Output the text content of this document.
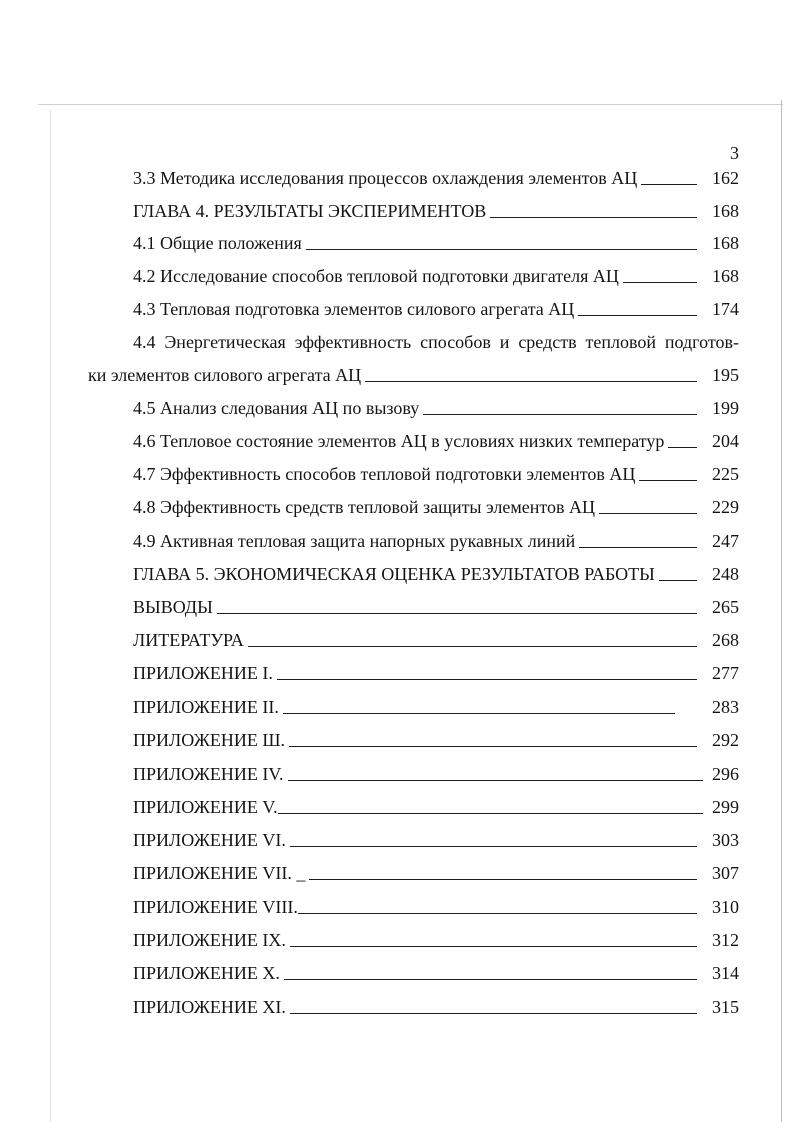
3
3.3 Методика исследования процессов охлаждения элементов АЦ	162
ГЛАВА 4. РЕЗУЛЬТАТЫ ЭКСПЕРИМЕНТОВ	168
4.1 Общие положения	168
4.2 Исследование способов тепловой подготовки двигателя АЦ	168
4.3 Тепловая подготовка элементов силового агрегата АЦ	174
4.4 Энергетическая эффективность способов и средств тепловой подготов-
ки элементов силового агрегата АЦ	195
4.5 Анализ следования АЦ по вызову	199
4.6 Тепловое состояние элементов АЦ в условиях низких температур	204
4.7 Эффективность способов тепловой подготовки элементов АЦ	225
4.8 Эффективность средств тепловой защиты элементов АЦ	229
4.9 Активная тепловая защита напорных рукавных линий	247
ГЛАВА 5. ЭКОНОМИЧЕСКАЯ ОЦЕНКА РЕЗУЛЬТАТОВ РАБОТЫ	248
ВЫВОДЫ	265
ЛИТЕРАТУРА	268
ПРИЛОЖЕНИЕ I.	277
ПРИЛОЖЕНИЕ II.	283
ПРИЛОЖЕНИЕ Ш.	292
ПРИЛОЖЕНИЕ IV.	296
ПРИЛОЖЕНИЕ V.	299
ПРИЛОЖЕНИЕ VI.	303
ПРИЛОЖЕНИЕ VII. _	307
ПРИЛОЖЕНИЕ VIII.	310
ПРИЛОЖЕНИЕ IX.	312
ПРИЛОЖЕНИЕ X.	314
ПРИЛОЖЕНИЕ XI.	315
